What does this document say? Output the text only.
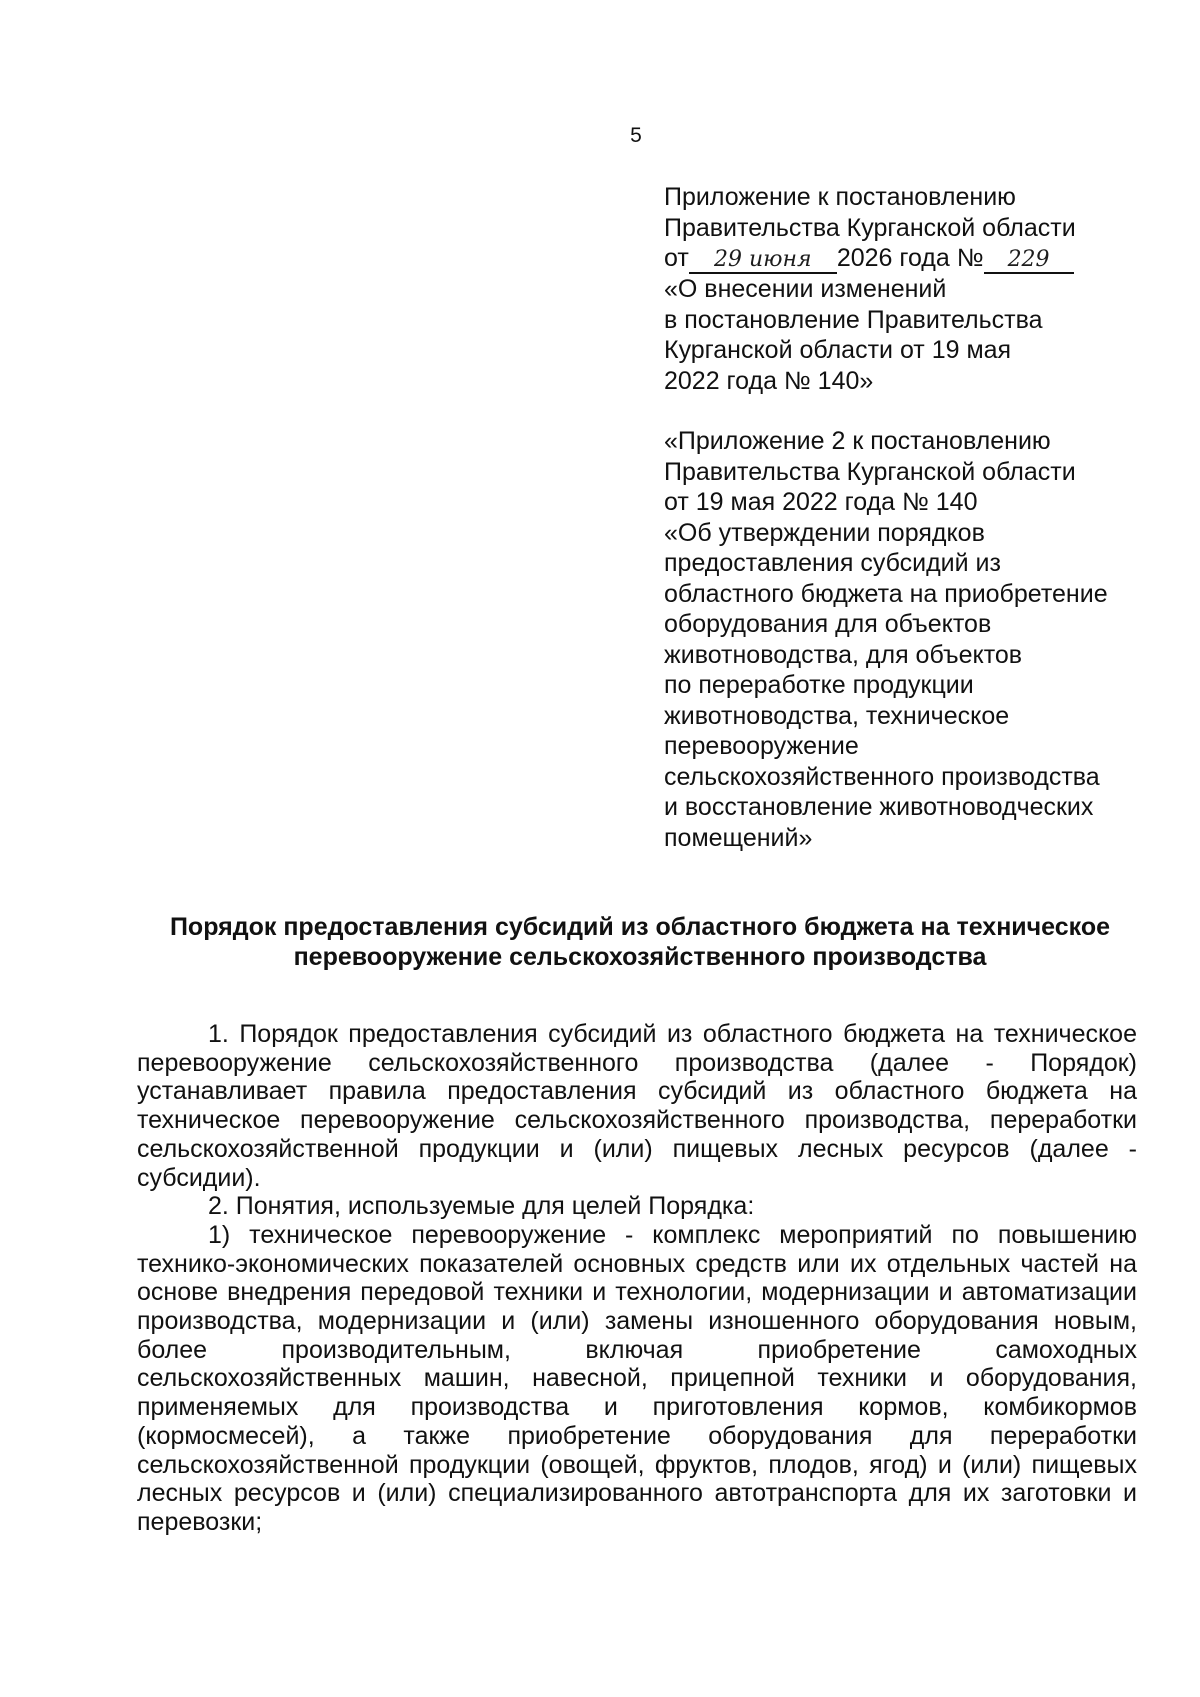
5
Приложение к постановлению
Правительства Курганской области
от 29 июня 2026 года № 229
«О внесении изменений
в постановление Правительства
Курганской области от 19 мая
2022 года № 140»
«Приложение 2 к постановлению
Правительства Курганской области
от 19 мая 2022 года № 140
«Об утверждении порядков
предоставления субсидий из
областного бюджета на приобретение
оборудования для объектов
животноводства, для объектов
по переработке продукции
животноводства, техническое
перевооружение
сельскохозяйственного производства
и восстановление животноводческих
помещений»
Порядок предоставления субсидий из областного бюджета на техническое
перевооружение сельскохозяйственного производства

1. Порядок предоставления субсидий из областного бюджета на техническое перевооружение сельскохозяйственного производства (далее - Порядок) устанавливает правила предоставления субсидий из областного бюджета на техническое перевооружение сельскохозяйственного производства, переработки сельскохозяйственной продукции и (или) пищевых лесных ресурсов (далее - субсидии).

2. Понятия, используемые для целей Порядка:

1) техническое перевооружение - комплекс мероприятий по повышению технико-экономических показателей основных средств или их отдельных частей на основе внедрения передовой техники и технологии, модернизации и автоматизации производства, модернизации и (или) замены изношенного оборудования новым, более производительным, включая приобретение самоходных сельскохозяйственных машин, навесной, прицепной техники и оборудования, применяемых для производства и приготовления кормов, комбикормов (кормосмесей), а также приобретение оборудования для переработки сельскохозяйственной продукции (овощей, фруктов, плодов, ягод) и (или) пищевых лесных ресурсов и (или) специализированного автотранспорта для их заготовки и перевозки;
